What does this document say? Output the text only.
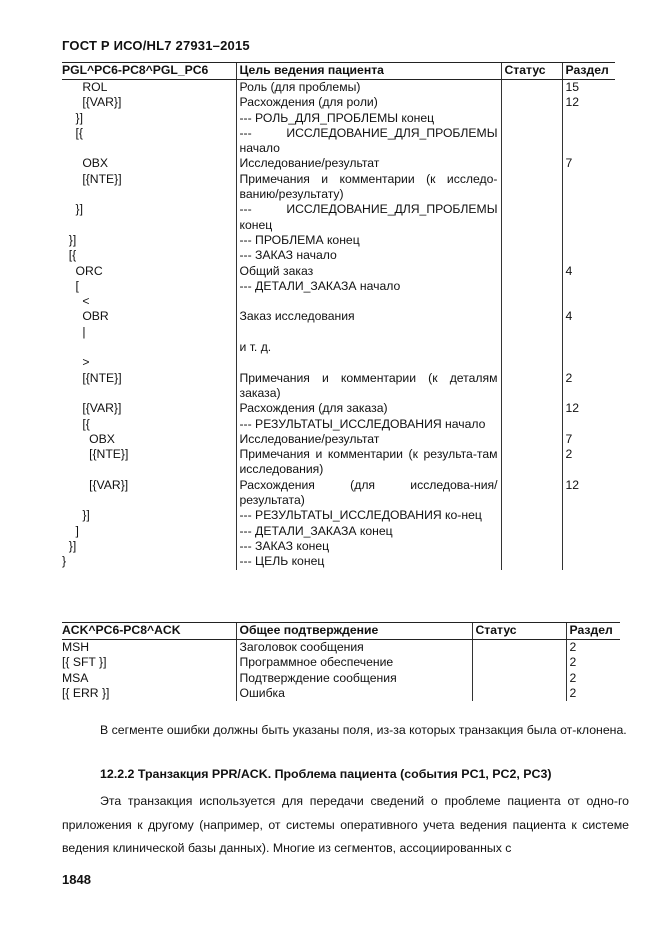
ГОСТ Р ИСО/HL7 27931–2015
PGL^PC6-PC8^PGL_PC6	Цель ведения пациента	Статус	Раздел
ROL	Роль (для проблемы)		15
[{VAR}]	Расхождения (для роли)		12
}]	--- РОЛЬ_ДЛЯ_ПРОБЛЕМЫ конец		
[{	--- ИССЛЕДОВАНИЕ_ДЛЯ_ПРОБЛЕМЫ начало		
OBX	Исследование/результат		7
[{NTE}]	Примечания и комментарии (к исследо-ванию/результату)		
}]	--- ИССЛЕДОВАНИЕ_ДЛЯ_ПРОБЛЕМЫ конец		
}]	--- ПРОБЛЕМА конец		
[{	--- ЗАКАЗ начало		
ORC	Общий заказ		4
[	--- ДЕТАЛИ_ЗАКАЗА начало		
<			
OBR	Заказ исследования		4
|			
	и т. д.		
>			
[{NTE}]	Примечания и комментарии (к деталям заказа)		2
[{VAR}]	Расхождения (для заказа)		12
[{	--- РЕЗУЛЬТАТЫ_ИССЛЕДОВАНИЯ начало		
OBX	Исследование/результат		7
[{NTE}]	Примечания и комментарии (к результа-там исследования)		2
[{VAR}]	Расхождения (для исследова-ния/результата)		12
}]	--- РЕЗУЛЬТАТЫ_ИССЛЕДОВАНИЯ ко-нец		
]	--- ДЕТАЛИ_ЗАКАЗА конец		
}]	--- ЗАКАЗ конец		
}	--- ЦЕЛЬ конец		
ACK^PC6-PC8^ACK	Общее подтверждение	Статус	Раздел
MSH	Заголовок сообщения		2
[{ SFT }]	Программное обеспечение		2
MSA	Подтверждение сообщения		2
[{ ERR }]	Ошибка		2
В сегменте ошибки должны быть указаны поля, из-за которых транзакция была от-клонена.
12.2.2 Транзакция PPR/ACK. Проблема пациента (события PC1, PC2, PC3)
Эта транзакция используется для передачи сведений о проблеме пациента от одно-го приложения к другому (например, от системы оперативного учета ведения пациента к системе ведения клинической базы данных). Многие из сегментов, ассоциированных с
1848
